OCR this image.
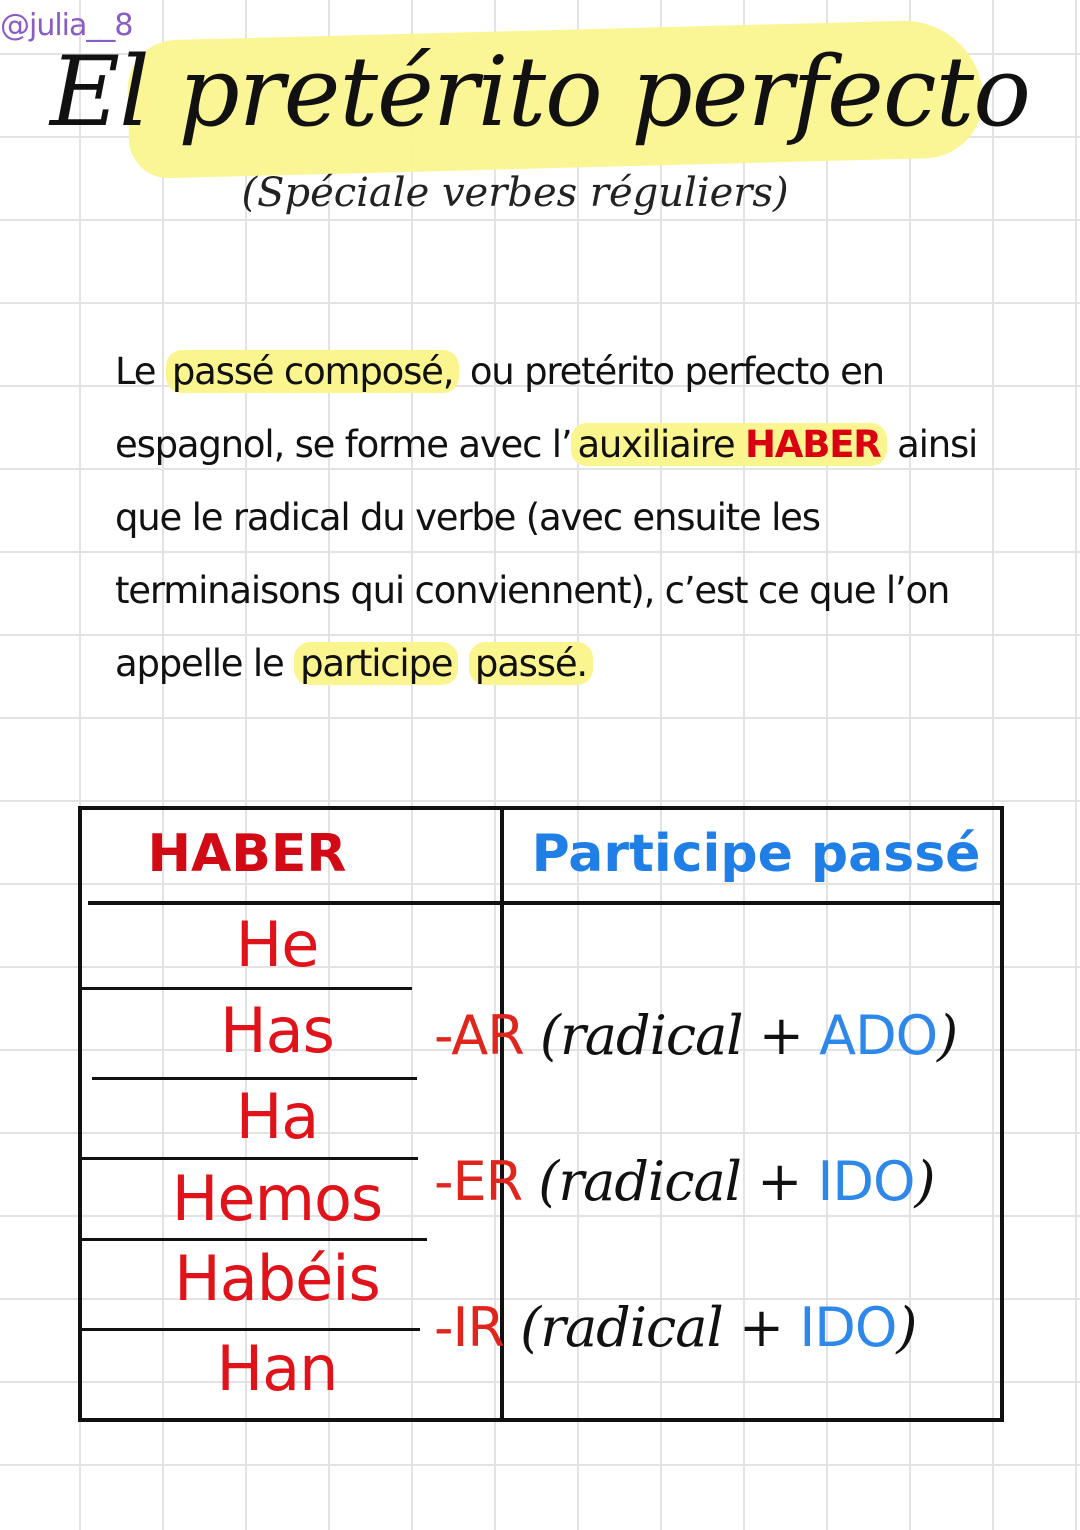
@julia__8
El pretérito perfecto
(Spéciale verbes réguliers)
Le passé composé, ou pretérito perfecto en espagnol, se forme avec l’ auxiliaire HABER ainsi que le radical du verbe (avec ensuite les terminaisons qui conviennent), c’est ce que l’on appelle le participe passé.
HABER	Participe passé
He
Has
Ha
Hemos
Habéis
Han
-AR (radical + ADO)
-ER (radical + IDO)
-IR (radical + IDO)
